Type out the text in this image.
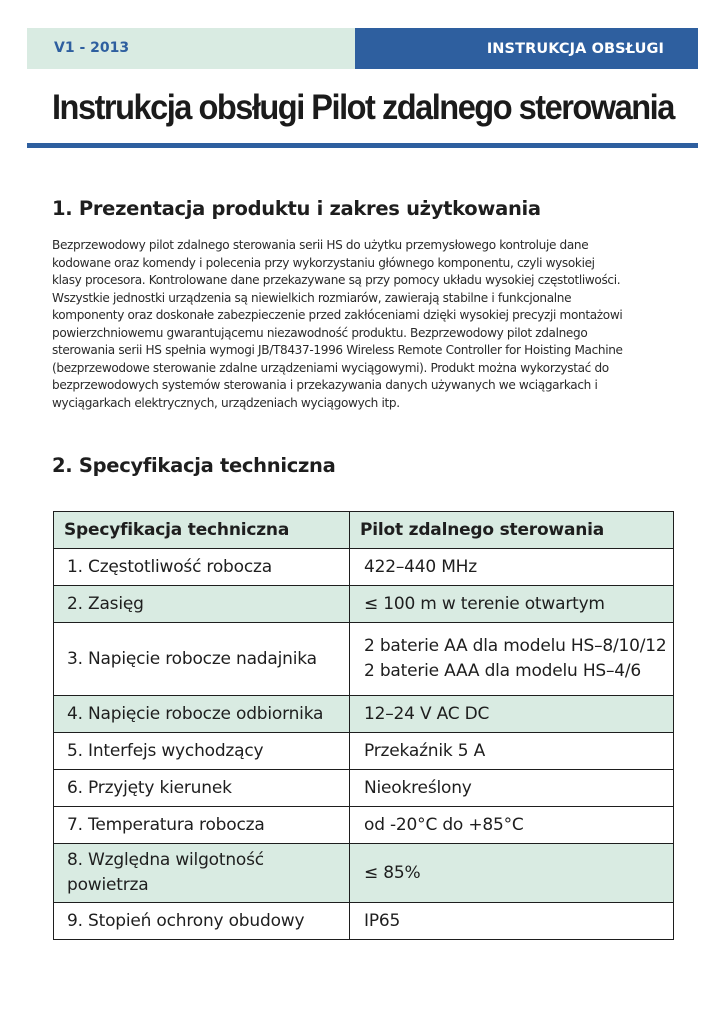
V1 - 2013	INSTRUKCJA OBSŁUGI
Instrukcja obsługi Pilot zdalnego sterowania
1. Prezentacja produktu i zakres użytkowania

Bezprzewodowy pilot zdalnego sterowania serii HS do użytku przemysłowego kontroluje dane
kodowane oraz komendy i polecenia przy wykorzystaniu głównego komponentu, czyli wysokiej
klasy procesora. Kontrolowane dane przekazywane są przy pomocy układu wysokiej częstotliwości.
Wszystkie jednostki urządzenia są niewielkich rozmiarów, zawierają stabilne i funkcjonalne
komponenty oraz doskonałe zabezpieczenie przed zakłóceniami dzięki wysokiej precyzji montażowi
powierzchniowemu gwarantującemu niezawodność produktu. Bezprzewodowy pilot zdalnego
sterowania serii HS spełnia wymogi JB/T8437-1996 Wireless Remote Controller for Hoisting Machine
(bezprzewodowe sterowanie zdalne urządzeniami wyciągowymi). Produkt można wykorzystać do
bezprzewodowych systemów sterowania i przekazywania danych używanych we wciągarkach i
wyciągarkach elektrycznych, urządzeniach wyciągowych itp.

2. Specyfikacja techniczna
Specyfikacja techniczna	Pilot zdalnego sterowania
1. Częstotliwość robocza	422–440 MHz
2. Zasięg	≤ 100 m w terenie otwartym
3. Napięcie robocze nadajnika	2 baterie AA dla modelu HS–8/10/12
2 baterie AAA dla modelu HS–4/6
4. Napięcie robocze odbiornika	12–24 V AC DC
5. Interfejs wychodzący	Przekaźnik 5 A
6. Przyjęty kierunek	Nieokreślony
7. Temperatura robocza	od -20°C do +85°C
8. Względna wilgotność
powietrza	≤ 85%
9. Stopień ochrony obudowy	IP65
